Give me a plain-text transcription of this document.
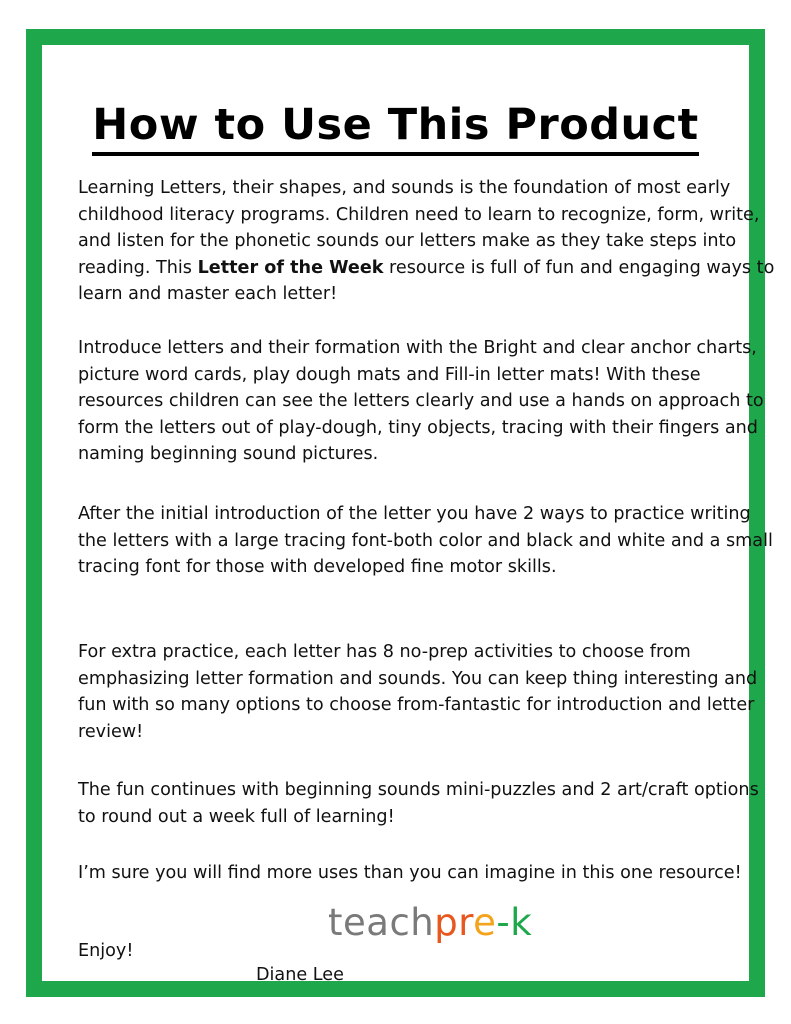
How to Use This Product

Learning Letters, their shapes, and sounds is the foundation of most early childhood literacy programs. Children need to learn to recognize, form, write, and listen for the phonetic sounds our letters make as they take steps into reading. This Letter of the Week resource is full of fun and engaging ways to learn and master each letter!

Introduce letters and their formation with the Bright and clear anchor charts, picture word cards, play dough mats and Fill-in letter mats! With these resources children can see the letters clearly and use a hands on approach to form the letters out of play-dough, tiny objects, tracing with their fingers and naming beginning sound pictures.

After the initial introduction of the letter you have 2 ways to practice writing the letters with a large tracing font-both color and black and white and a small tracing font for those with developed fine motor skills.

For extra practice, each letter has 8 no-prep activities to choose from emphasizing letter formation and sounds. You can keep thing interesting and fun with so many options to choose from-fantastic for introduction and letter review!

The fun continues with beginning sounds mini-puzzles and 2 art/craft options to round out a week full of learning!

I’m sure you will find more uses than you can imagine in this one resource!

teachpre-k
Enjoy!
Diane Lee
